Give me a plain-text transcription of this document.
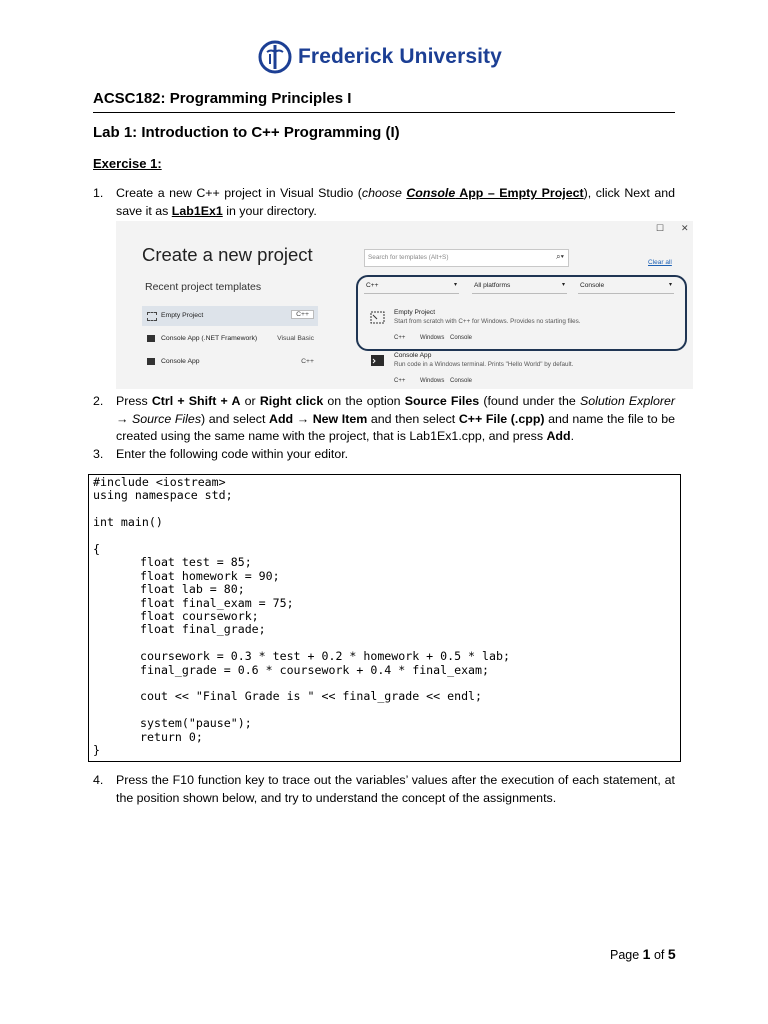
Frederick University
ACSC182: Programming Principles I
Lab 1: Introduction to C++ Programming (I)
Exercise 1:
1. Create a new C++ project in Visual Studio (choose Console App – Empty Project), click Next and save it as Lab1Ex1 in your directory.
Create a new project
☐ ✕
Recent project templates
Empty Project	C++
Console App (.NET Framework)	Visual Basic
Console App	C++
Search for templates (Alt+S)	⌕▾
Clear all
C++	▾	All platforms	▾ Console	▾
Empty Project
Start from scratch with C++ for Windows. Provides no starting files.
C++ Windows Console
Console App
Run code in a Windows terminal. Prints "Hello World" by default.
C++ Windows Console
2. Press Ctrl + Shift + A or Right click on the option Source Files (found under the Solution Explorer → Source Files) and select Add → New Item and then select C++ File (.cpp) and name the file to be created using the same name with the project, that is Lab1Ex1.cpp, and press Add.
3. Enter the following code within your editor.
#include <iostream>
using namespace std;
int main()
{
float test = 85;
float homework = 90;
float lab = 80;
float final_exam = 75;
float coursework;
float final_grade;
coursework = 0.3 * test + 0.2 * homework + 0.5 * lab;
final_grade = 0.6 * coursework + 0.4 * final_exam;
cout << "Final Grade is " << final_grade << endl;
system("pause");
return 0;
}
4. Press the F10 function key to trace out the variables’ values after the execution of each statement, at the position shown below, and try to understand the concept of the assignments.
Page 1 of 5
